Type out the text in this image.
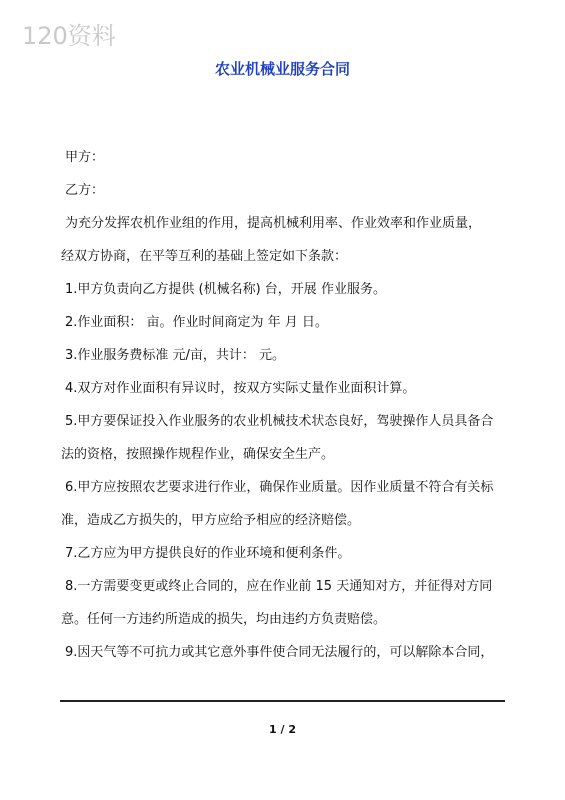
120资料
农业机械业服务合同
甲方：
乙方：
为充分发挥农机作业组的作用，提高机械利用率、作业效率和作业质量，
经双方协商，在平等互利的基础上签定如下条款：
1.甲方负责向乙方提供 (机械名称) 台，开展 作业服务。
2.作业面积： 亩。作业时间商定为 年 月 日。
3.作业服务费标准 元/亩，共计： 元。
4.双方对作业面积有异议时，按双方实际丈量作业面积计算。
5.甲方要保证投入作业服务的农业机械技术状态良好，驾驶操作人员具备合
法的资格，按照操作规程作业，确保安全生产。
6.甲方应按照农艺要求进行作业，确保作业质量。因作业质量不符合有关标
准，造成乙方损失的，甲方应给予相应的经济赔偿。
7.乙方应为甲方提供良好的作业环境和便利条件。
8.一方需要变更或终止合同的，应在作业前 15 天通知对方，并征得对方同
意。任何一方违约所造成的损失，均由违约方负责赔偿。
9.因天气等不可抗力或其它意外事件使合同无法履行的，可以解除本合同，
1 / 2
